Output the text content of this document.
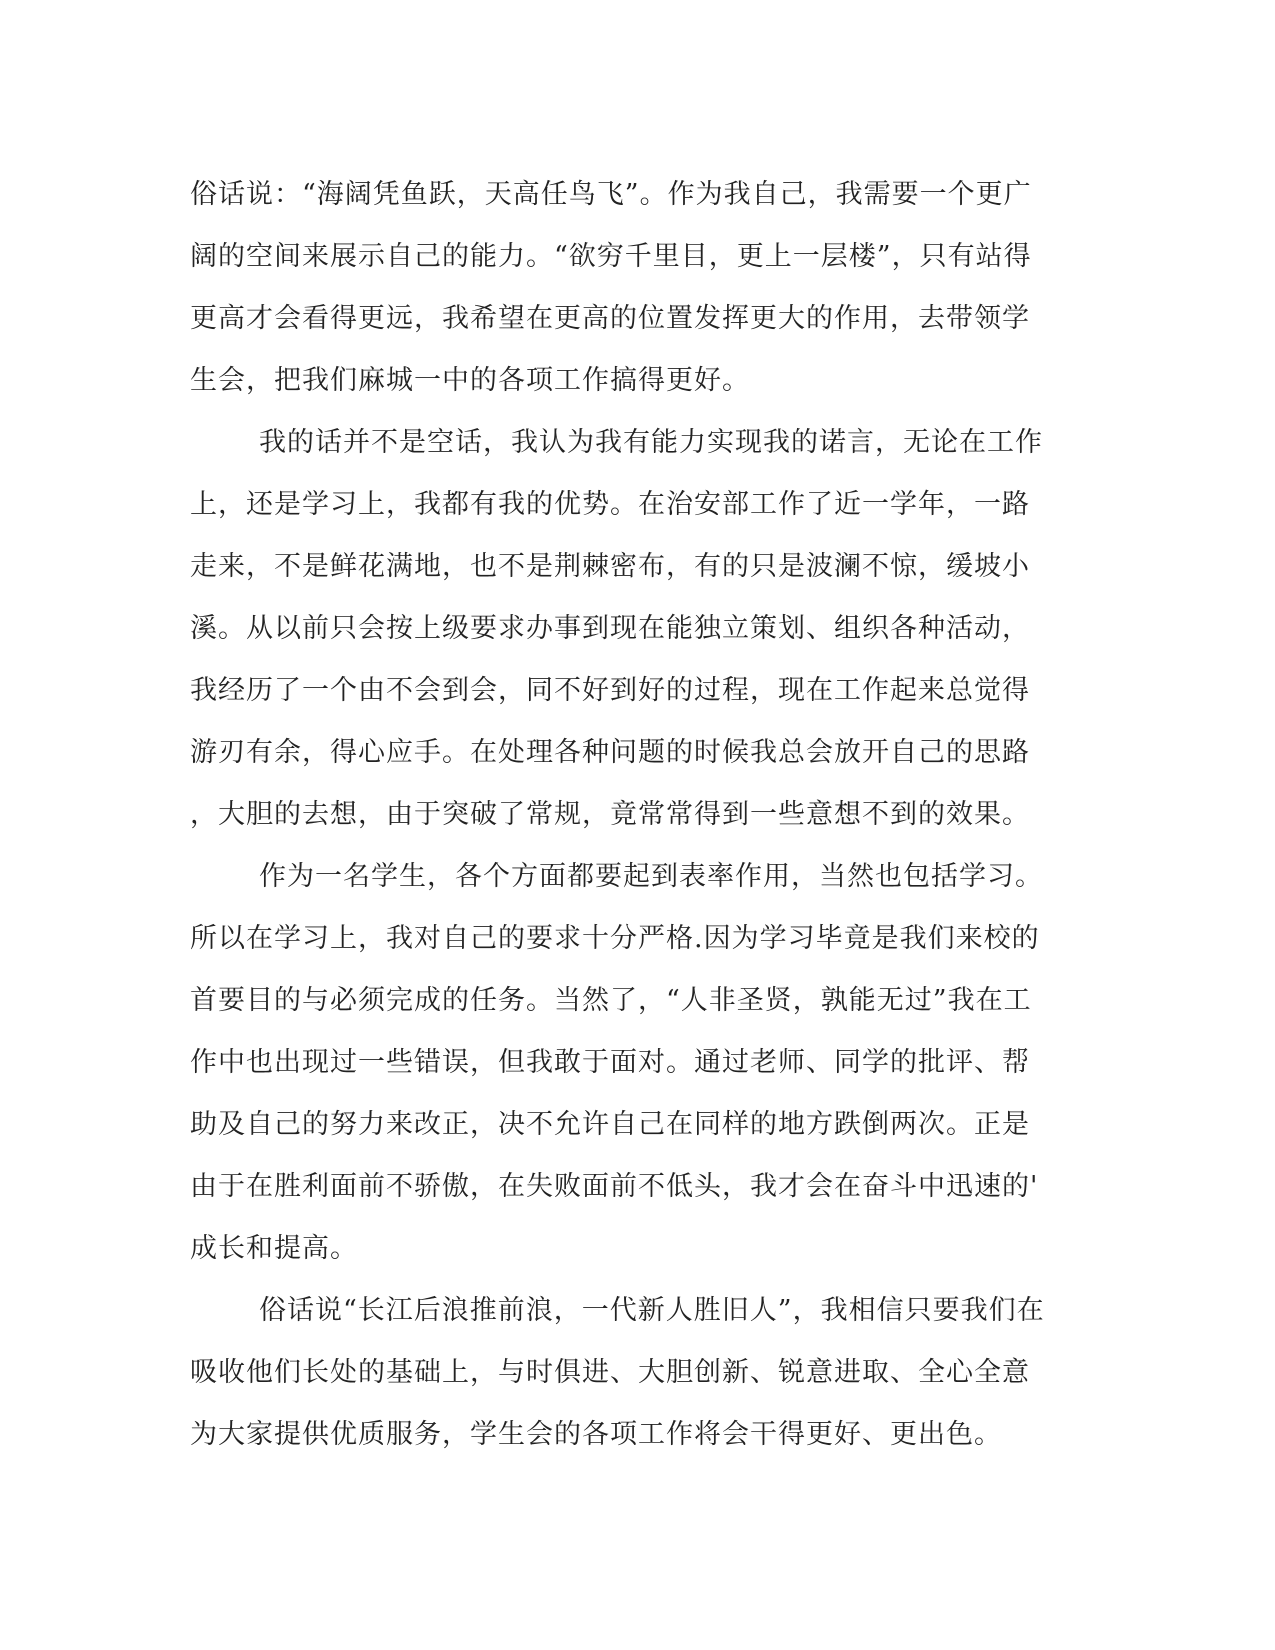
俗话说：“海阔凭鱼跃，天高任鸟飞”。作为我自己，我需要一个更广
阔的空间来展示自己的能力。“欲穷千里目，更上一层楼”，只有站得
更高才会看得更远，我希望在更高的位置发挥更大的作用，去带领学
生会，把我们麻城一中的各项工作搞得更好。

我的话并不是空话，我认为我有能力实现我的诺言，无论在工作
上，还是学习上，我都有我的优势。在治安部工作了近一学年，一路
走来，不是鲜花满地，也不是荆棘密布，有的只是波澜不惊，缓坡小
溪。从以前只会按上级要求办事到现在能独立策划、组织各种活动，
我经历了一个由不会到会，同不好到好的过程，现在工作起来总觉得
游刃有余，得心应手。在处理各种问题的时候我总会放开自己的思路
，大胆的去想，由于突破了常规，竟常常得到一些意想不到的效果。

作为一名学生，各个方面都要起到表率作用，当然也包括学习。
所以在学习上，我对自己的要求十分严格.因为学习毕竟是我们来校的
首要目的与必须完成的任务。当然了，“人非圣贤，孰能无过”我在工
作中也出现过一些错误，但我敢于面对。通过老师、同学的批评、帮
助及自己的努力来改正，决不允许自己在同样的地方跌倒两次。正是
由于在胜利面前不骄傲，在失败面前不低头，我才会在奋斗中迅速的'
成长和提高。

俗话说“长江后浪推前浪，一代新人胜旧人”，我相信只要我们在
吸收他们长处的基础上，与时俱进、大胆创新、锐意进取、全心全意
为大家提供优质服务，学生会的各项工作将会干得更好、更出色。
